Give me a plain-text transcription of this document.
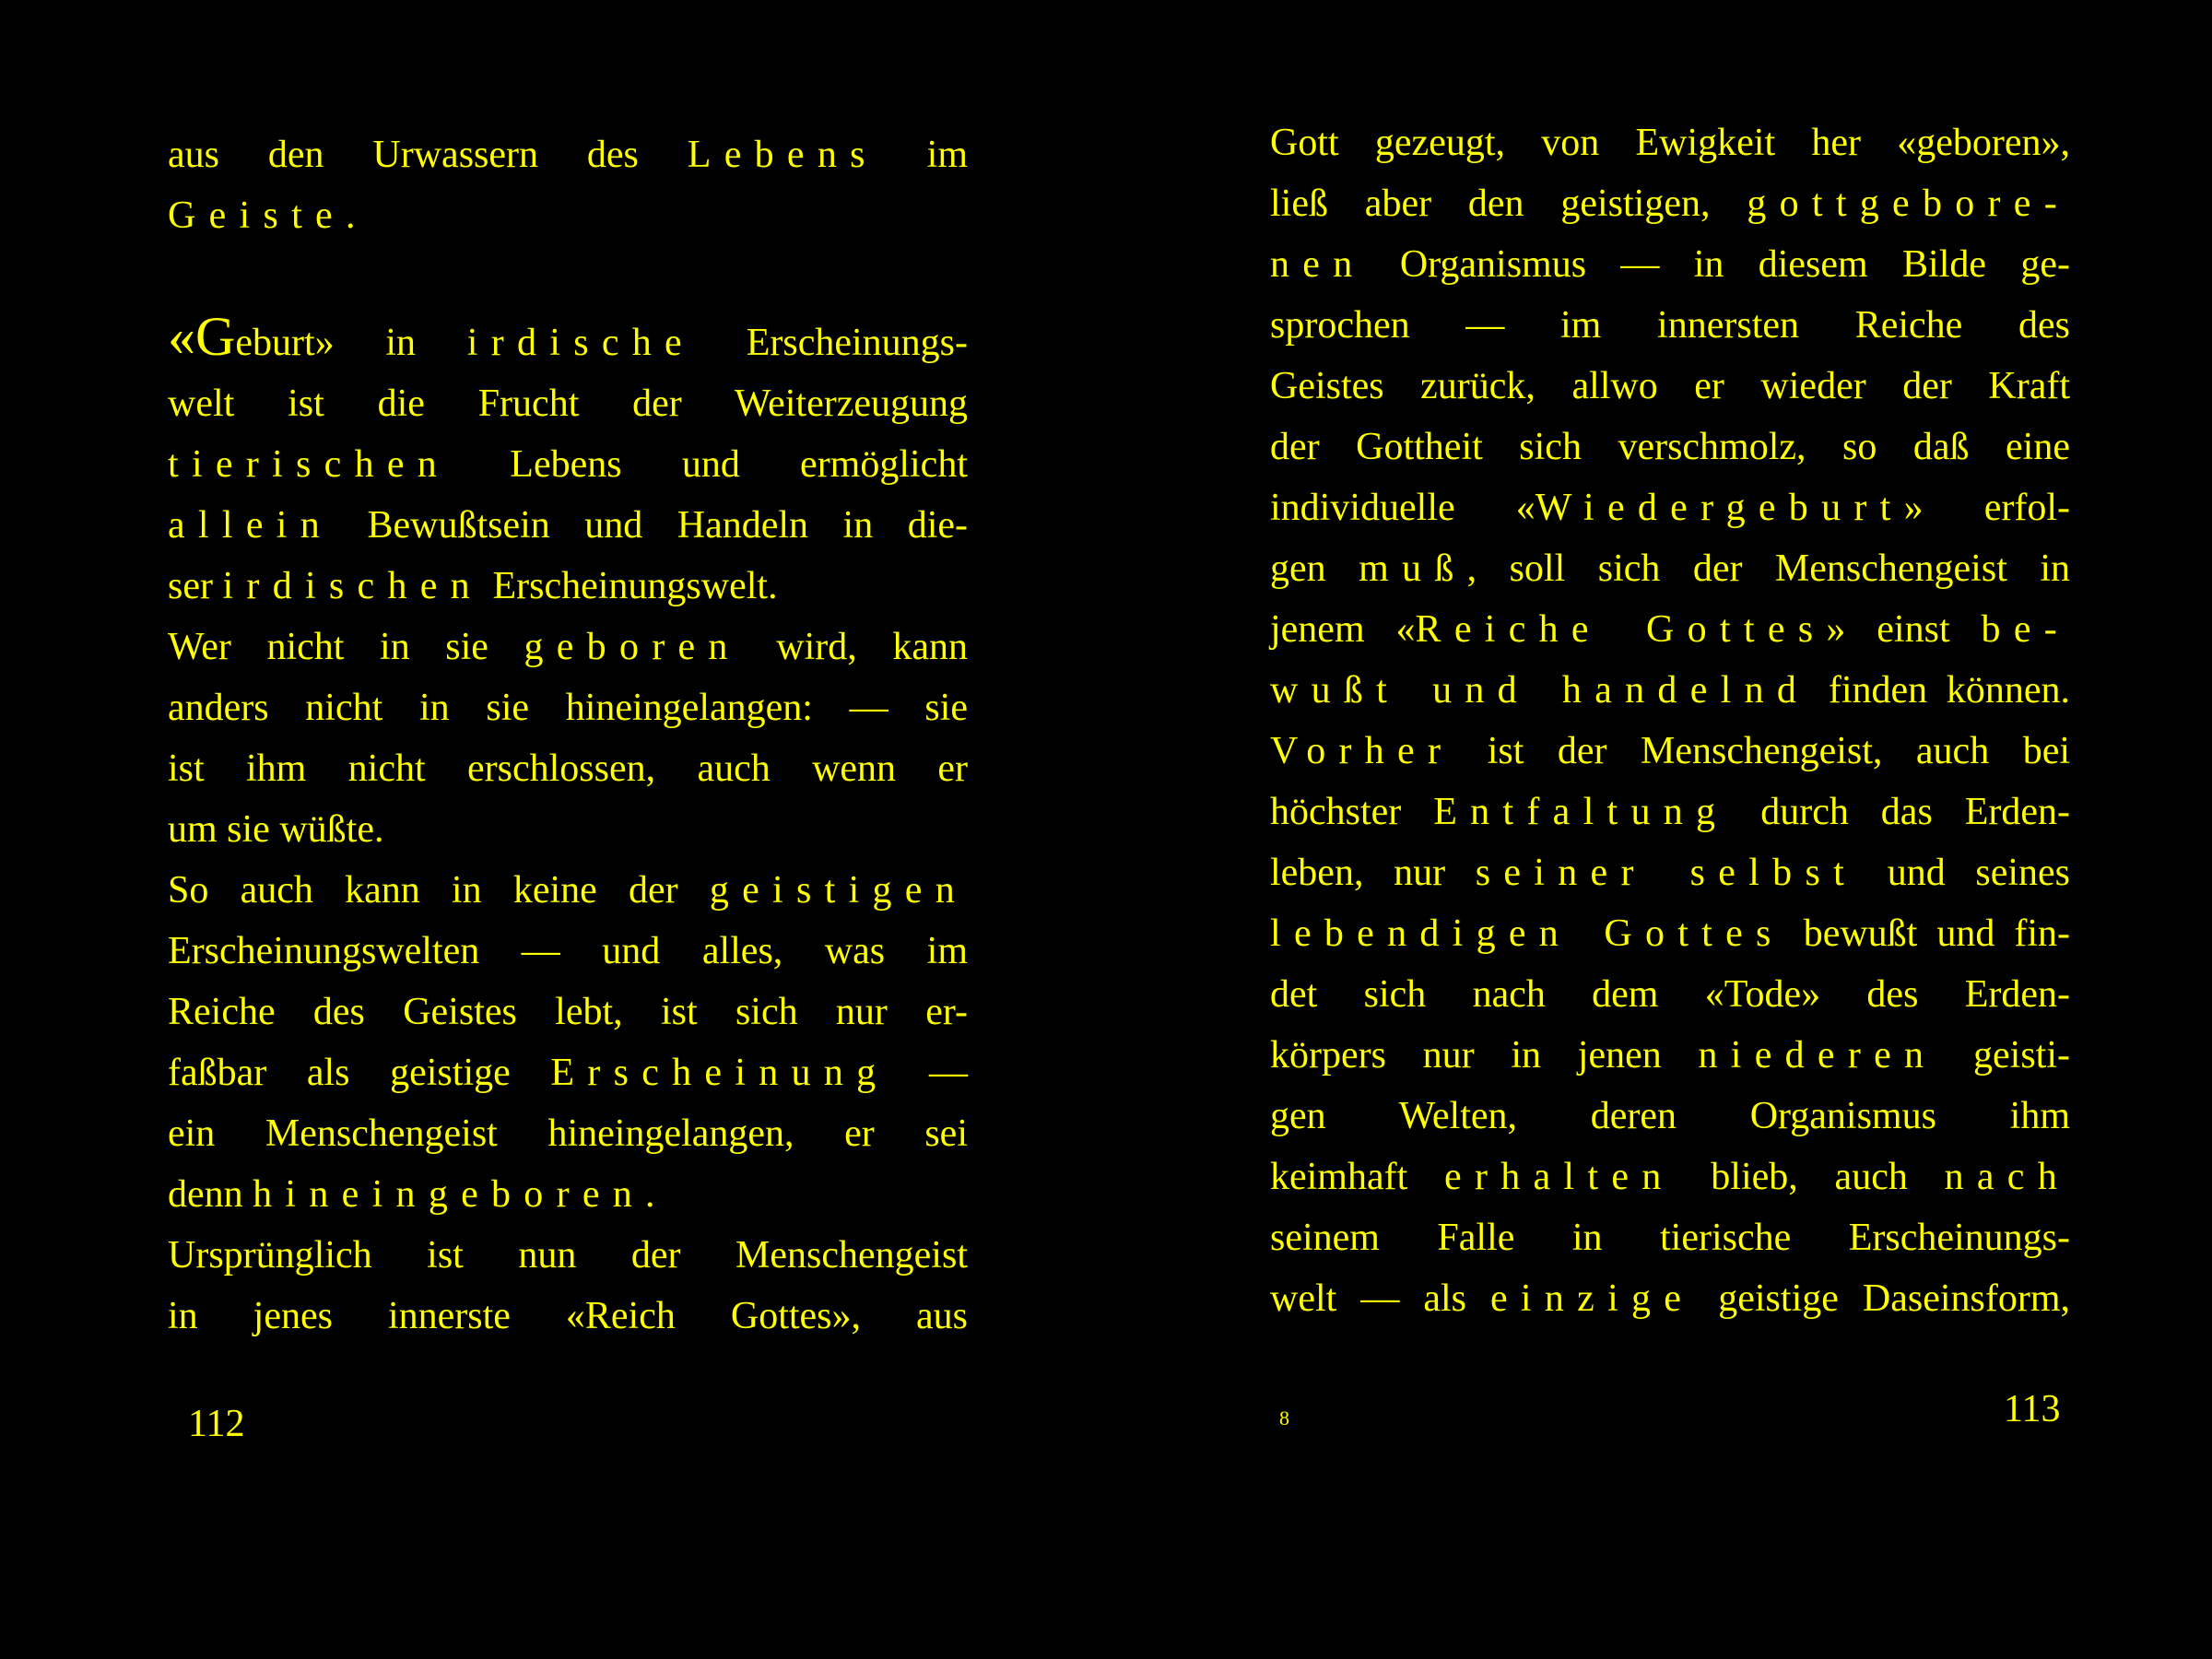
aus den Urwassern des Lebens im
Geiste.
«Geburt» in irdische Erscheinungs-
welt ist die Frucht der Weiterzeugung
tierischen Lebens und ermöglicht
allein Bewußtsein und Handeln in die-
ser irdischen Erscheinungswelt.
Wer nicht in sie geboren wird, kann
anders nicht in sie hineingelangen: — sie
ist ihm nicht erschlossen, auch wenn er
um sie wüßte.
So auch kann in keine der geistigen
Erscheinungswelten — und alles, was im
Reiche des Geistes lebt, ist sich nur er-
faßbar als geistige Erscheinung —
ein Menschengeist hineingelangen, er sei
denn hineingeboren.
Ursprünglich ist nun der Menschengeist
in jenes innerste «Reich Gottes», aus
112
Gott gezeugt, von Ewigkeit her «geboren»,
ließ aber den geistigen, gottgebore-
nen Organismus — in diesem Bilde ge-
sprochen — im innersten Reiche des
Geistes zurück, allwo er wieder der Kraft
der Gottheit sich verschmolz, so daß eine
individuelle «Wiedergeburt» erfol-
gen muß, soll sich der Menschengeist in
jenem «Reiche Gottes» einst be-
wußt und handelnd finden können.
Vorher ist der Menschengeist, auch bei
höchster Entfaltung durch das Erden-
leben, nur seiner selbst und seines
lebendigen Gottes bewußt und fin-
det sich nach dem «Tode» des Erden-
körpers nur in jenen niederen geisti-
gen Welten, deren Organismus ihm
keimhaft erhalten blieb, auch nach
seinem Falle in tierische Erscheinungs-
welt — als einzige geistige Daseinsform,
8	113
